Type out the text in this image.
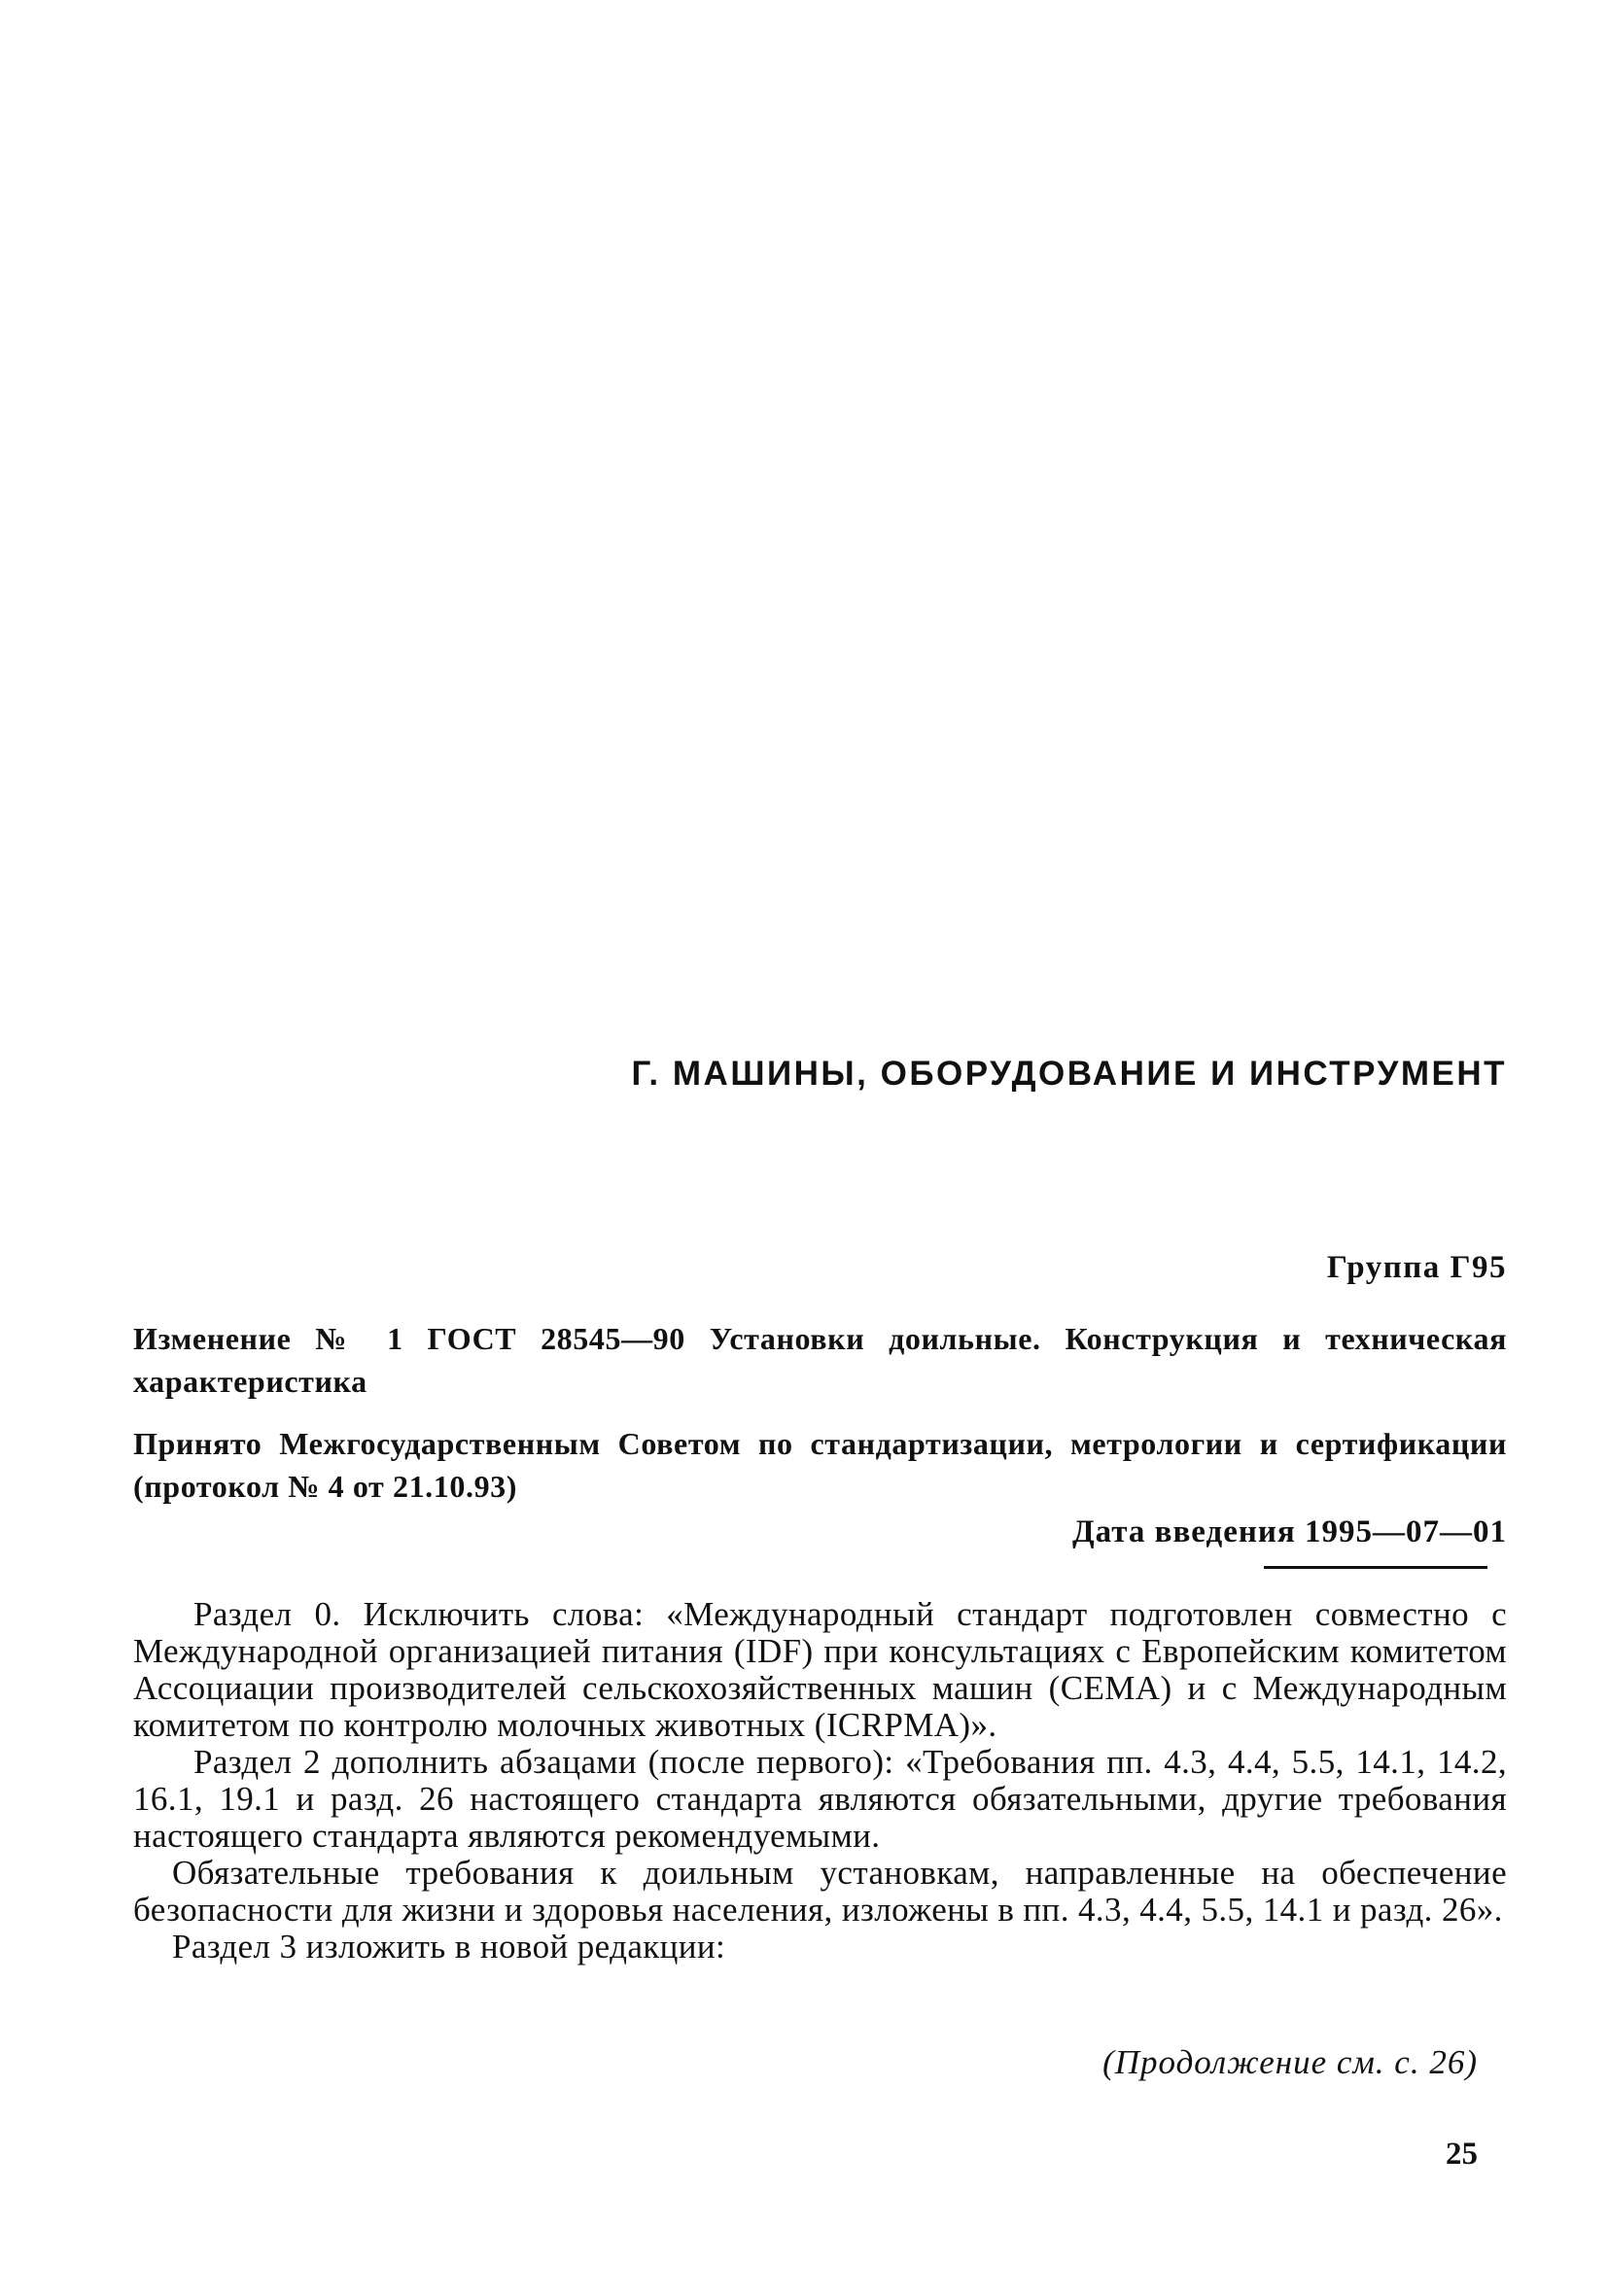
Г. МАШИНЫ, ОБОРУДОВАНИЕ И ИНСТРУМЕНТ
Группа Г95
Изменение № 1 ГОСТ 28545—90 Установки доильные. Конструкция и техническая характеристика
Принято Межгосударственным Советом по стандартизации, метрологии и сертификации (протокол № 4 от 21.10.93)
Дата введения 1995—07—01

Раздел 0. Исключить слова: «Международный стандарт подготовлен совместно с Международной организацией питания (IDF) при консультациях с Европейским комитетом Ассоциации производителей сельскохозяйственных машин (CEMA) и с Международным комитетом по контролю молочных животных (ICRPMA)».

Раздел 2 дополнить абзацами (после первого): «Требования пп. 4.3, 4.4, 5.5, 14.1, 14.2, 16.1, 19.1 и разд. 26 настоящего стандарта являются обязательными, другие требования настоящего стандарта являются рекомендуемыми.

Обязательные требования к доильным установкам, направленные на обеспечение безопасности для жизни и здоровья населения, изложены в пп. 4.3, 4.4, 5.5, 14.1 и разд. 26».

Раздел 3 изложить в новой редакции:

(Продолжение см. с. 26)
25
